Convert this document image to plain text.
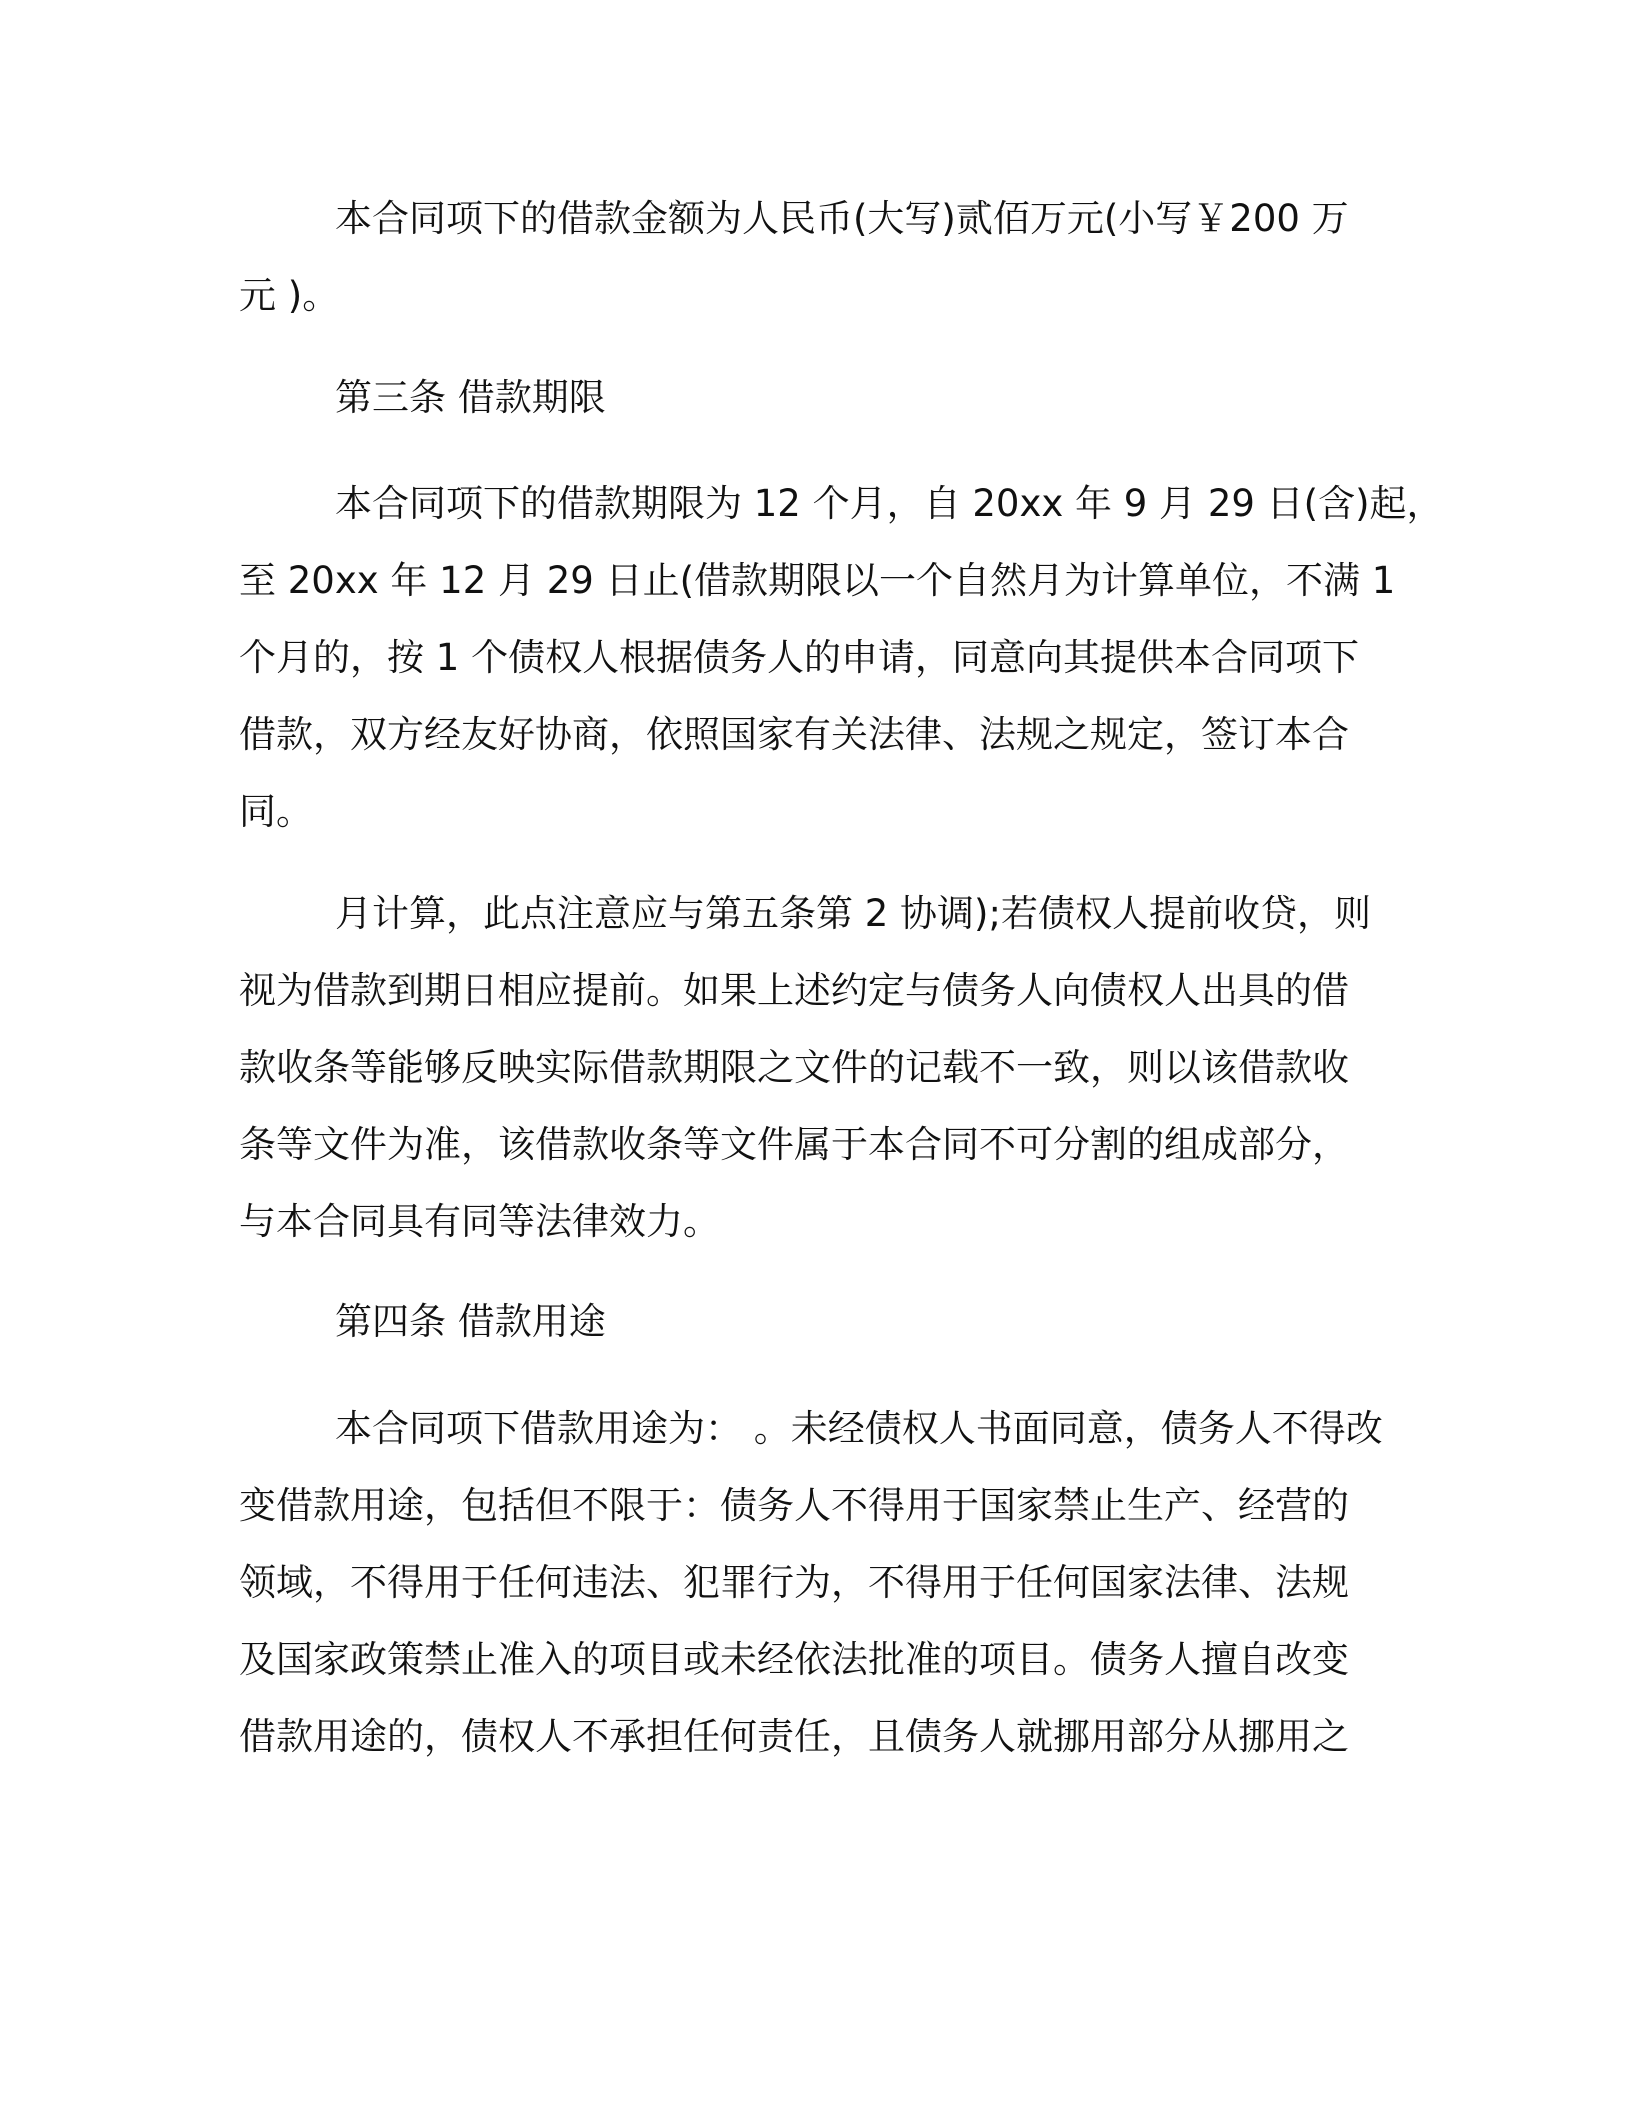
本合同项下的借款金额为人民币(大写)贰佰万元(小写￥200 万
元 )。
第三条 借款期限
本合同项下的借款期限为 12 个月，自 20xx 年 9 月 29 日(含)起，
至 20xx 年 12 月 29 日止(借款期限以一个自然月为计算单位，不满 1
个月的，按 1 个债权人根据债务人的申请，同意向其提供本合同项下
借款，双方经友好协商，依照国家有关法律、法规之规定，签订本合
同。
月计算，此点注意应与第五条第 2 协调);若债权人提前收贷，则
视为借款到期日相应提前。如果上述约定与债务人向债权人出具的借
款收条等能够反映实际借款期限之文件的记载不一致，则以该借款收
条等文件为准，该借款收条等文件属于本合同不可分割的组成部分，
与本合同具有同等法律效力。
第四条 借款用途
本合同项下借款用途为： 。未经债权人书面同意，债务人不得改
变借款用途，包括但不限于：债务人不得用于国家禁止生产、经营的
领域，不得用于任何违法、犯罪行为，不得用于任何国家法律、法规
及国家政策禁止准入的项目或未经依法批准的项目。债务人擅自改变
借款用途的，债权人不承担任何责任，且债务人就挪用部分从挪用之
